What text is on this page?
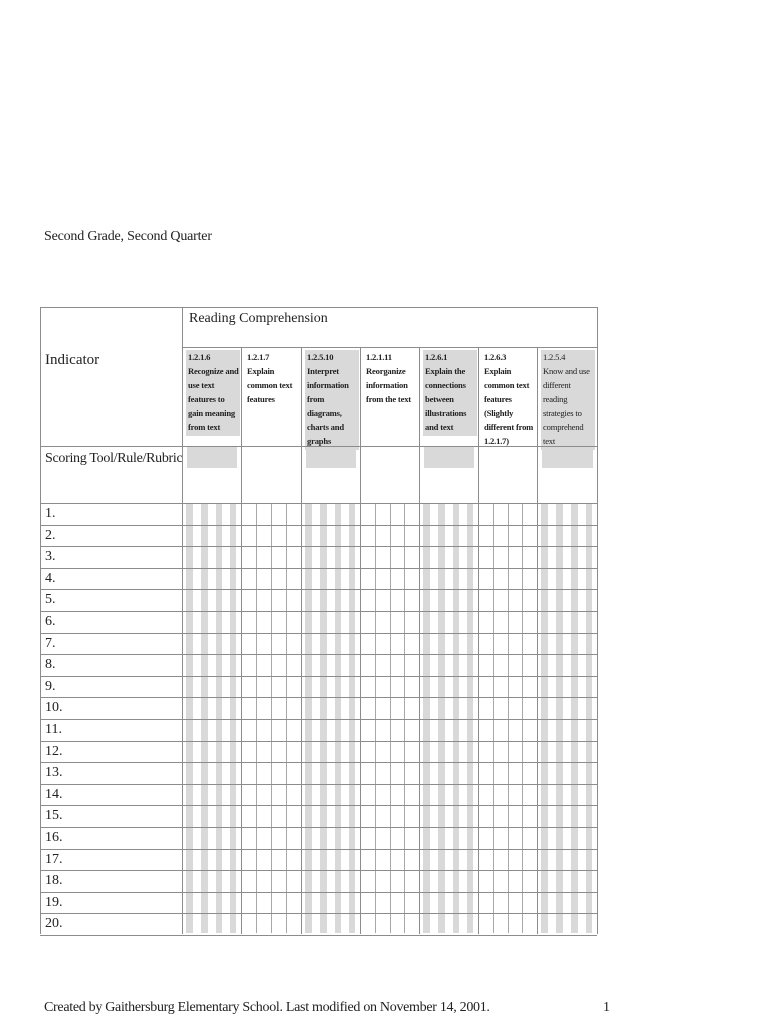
Second Grade, Second Quarter
Reading Comprehension
Indicator
Scoring Tool/Rule/Rubric
1.2.1.6
Recognize and use text features to gain meaning from text
1.2.1.7
Explain common text features
1.2.5.10
Interpret information from diagrams, charts and graphs
1.2.1.11
Reorganize information from the text
1.2.6.1
Explain the connections between illustrations and text
1.2.6.3
Explain common text features (Slightly different from 1.2.1.7)
1.2.5.4
Know and use different reading strategies to comprehend text
1.
2.
3.
4.
5.
6.
7.
8.
9.
10.
11.
12.
13.
14.
15.
16.
17.
18.
19.
20.
Created by Gaithersburg Elementary School. Last modified on November 14, 2001.	1
